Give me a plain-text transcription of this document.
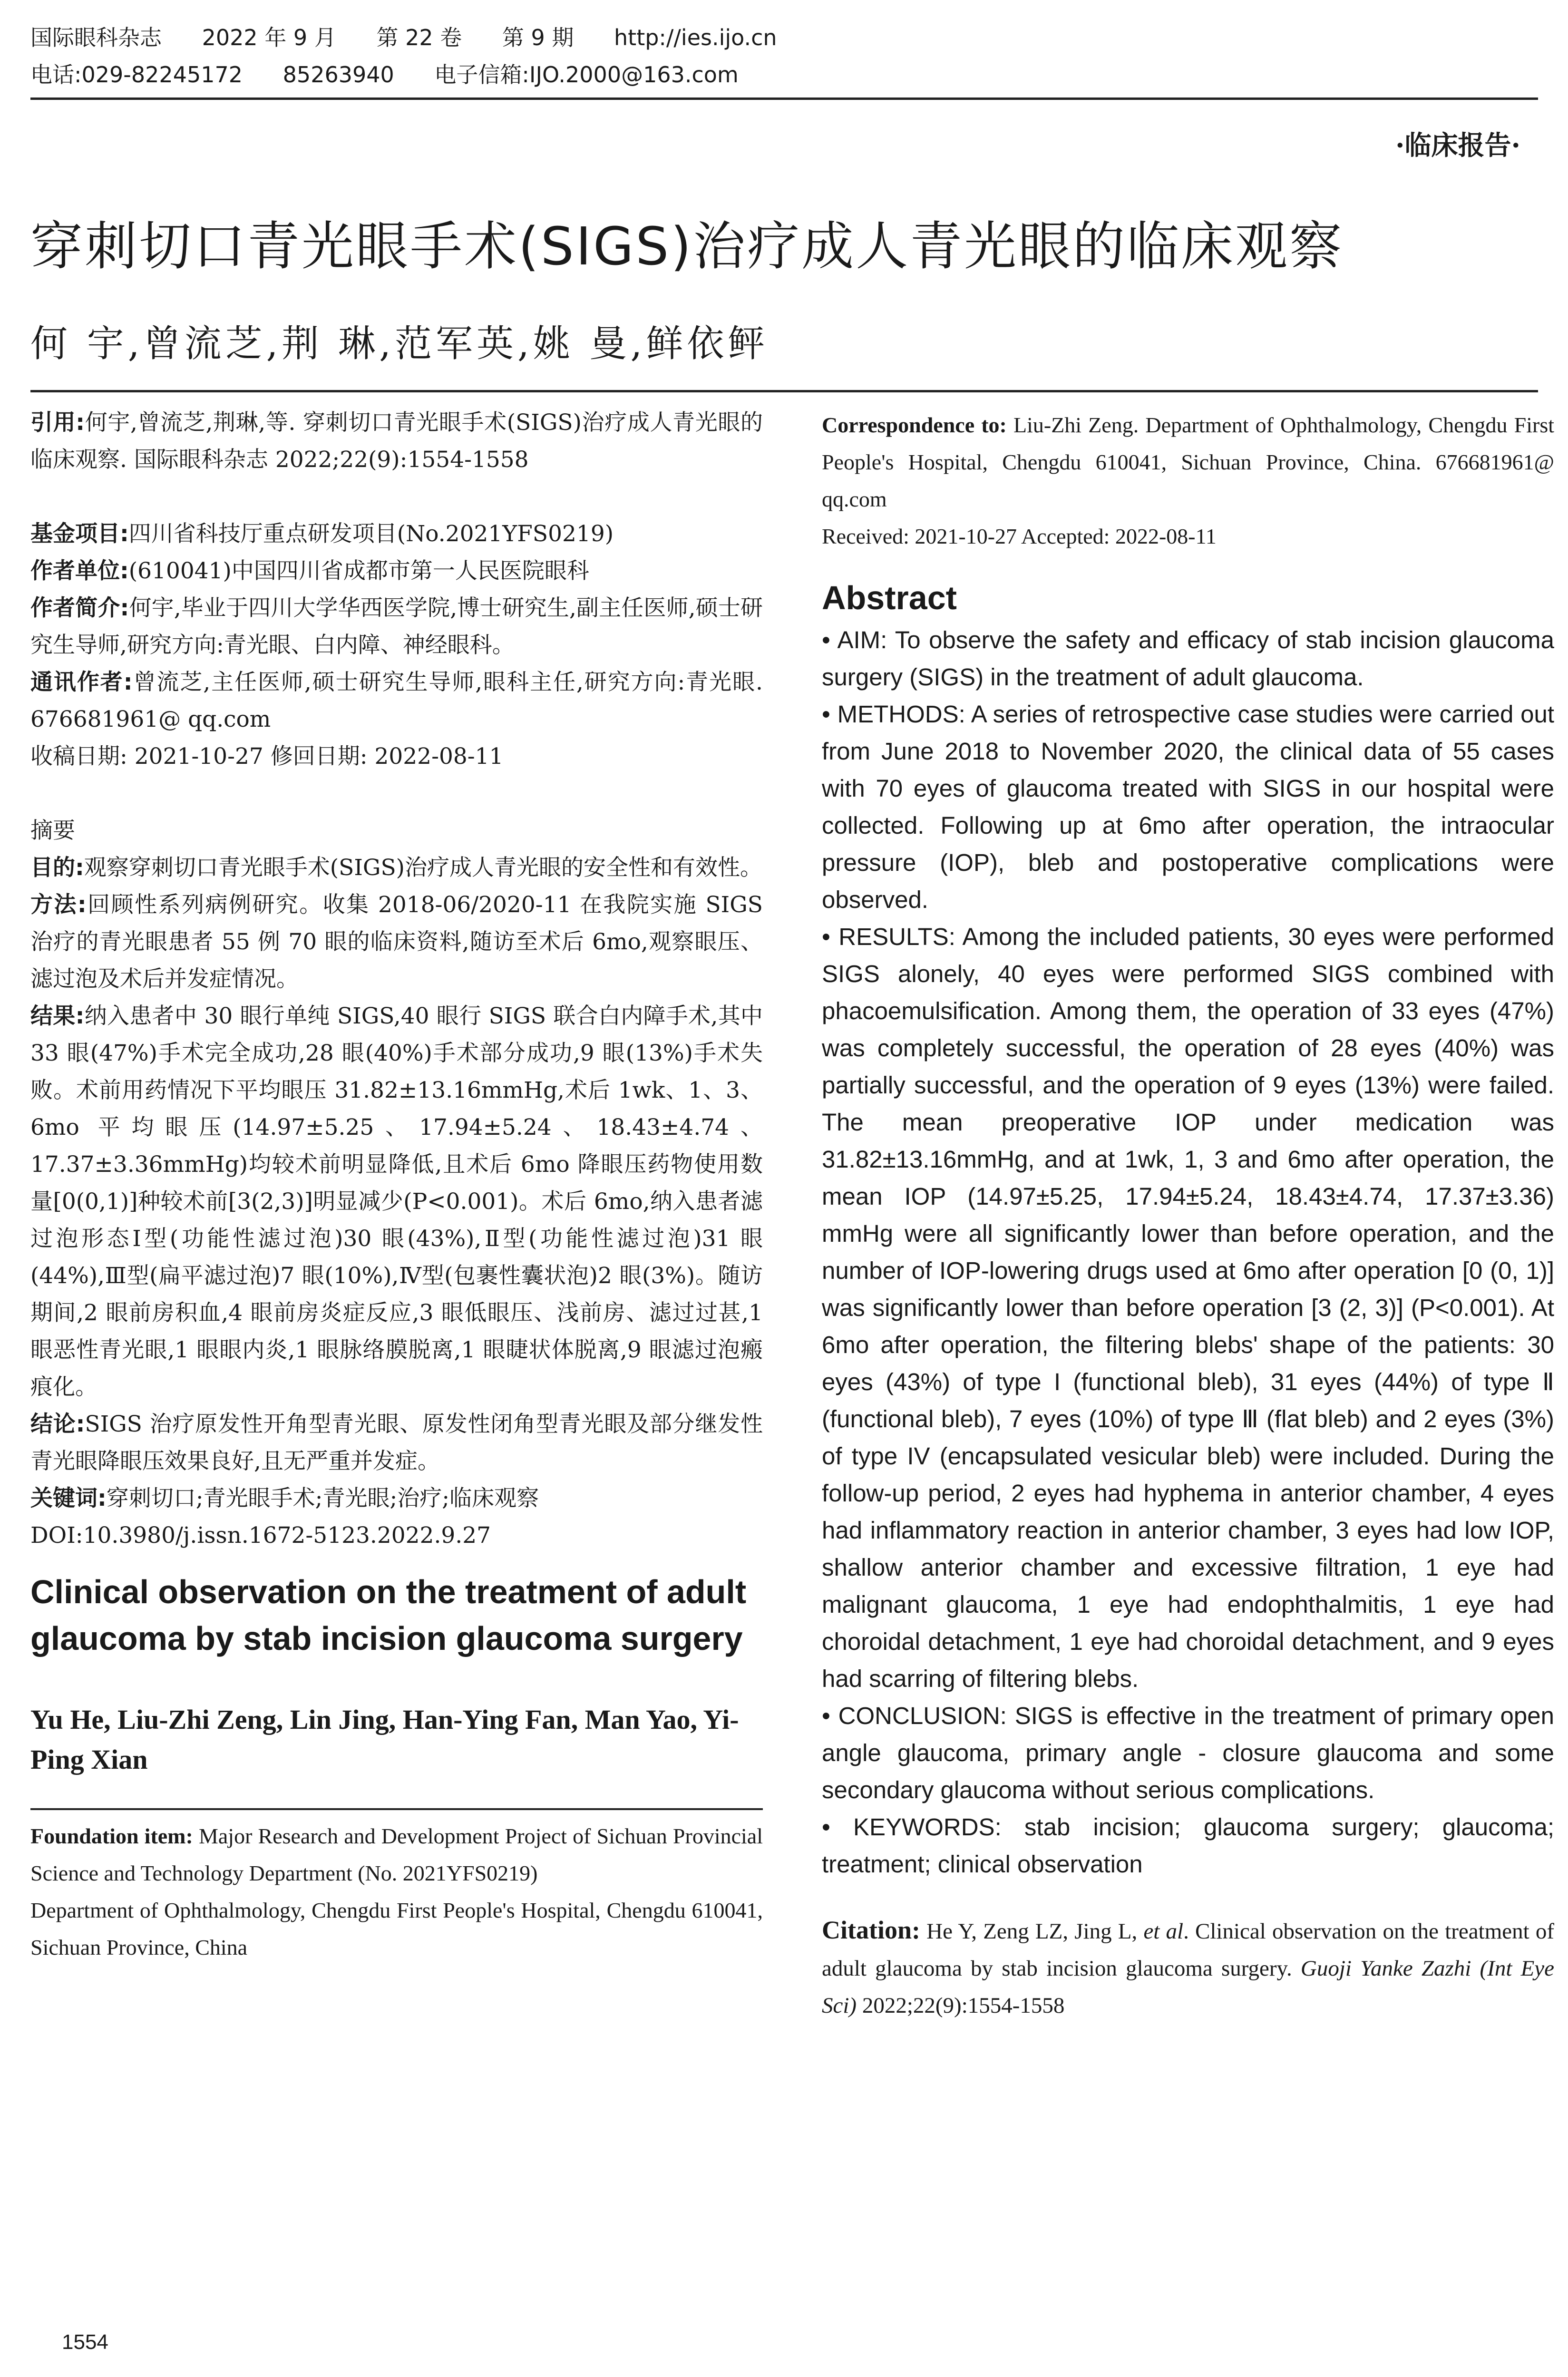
国际眼科杂志 2022 年 9 月 第 22 卷 第 9 期 http://ies.ijo.cn
电话:029-82245172 85263940 电子信箱:IJO.2000@163.com
·临床报告·
穿刺切口青光眼手术(SIGS)治疗成人青光眼的临床观察
何 宇,曾流芝,荆 琳,范军英,姚 曼,鲜依鲆
引用:何宇,曾流芝,荆琳,等. 穿刺切口青光眼手术(SIGS)治疗成人青光眼的临床观察. 国际眼科杂志 2022;22(9):1554-1558
基金项目:四川省科技厅重点研发项目(No.2021YFS0219)
作者单位:(610041)中国四川省成都市第一人民医院眼科
作者简介:何宇,毕业于四川大学华西医学院,博士研究生,副主任医师,硕士研究生导师,研究方向:青光眼、白内障、神经眼科。
通讯作者:曾流芝,主任医师,硕士研究生导师,眼科主任,研究方向:青光眼. 676681961@ qq.com
收稿日期: 2021-10-27 修回日期: 2022-08-11
摘要
目的:观察穿刺切口青光眼手术(SIGS)治疗成人青光眼的安全性和有效性。
方法:回顾性系列病例研究。收集 2018-06/2020-11 在我院实施 SIGS 治疗的青光眼患者 55 例 70 眼的临床资料,随访至术后 6mo,观察眼压、滤过泡及术后并发症情况。
结果:纳入患者中 30 眼行单纯 SIGS,40 眼行 SIGS 联合白内障手术,其中 33 眼(47%)手术完全成功,28 眼(40%)手术部分成功,9 眼(13%)手术失败。术前用药情况下平均眼压 31.82±13.16mmHg,术后 1wk、1、3、6mo 平均眼压(14.97±5.25、17.94±5.24、18.43±4.74、17.37±3.36mmHg)均较术前明显降低,且术后 6mo 降眼压药物使用数量[0(0,1)]种较术前[3(2,3)]明显减少(P<0.001)。术后 6mo,纳入患者滤过泡形态Ⅰ型(功能性滤过泡)30 眼(43%),Ⅱ型(功能性滤过泡)31 眼(44%),Ⅲ型(扁平滤过泡)7 眼(10%),Ⅳ型(包裹性囊状泡)2 眼(3%)。随访期间,2 眼前房积血,4 眼前房炎症反应,3 眼低眼压、浅前房、滤过过甚,1 眼恶性青光眼,1 眼眼内炎,1 眼脉络膜脱离,1 眼睫状体脱离,9 眼滤过泡瘢痕化。
结论:SIGS 治疗原发性开角型青光眼、原发性闭角型青光眼及部分继发性青光眼降眼压效果良好,且无严重并发症。
关键词:穿刺切口;青光眼手术;青光眼;治疗;临床观察
DOI:10.3980/j.issn.1672-5123.2022.9.27
Clinical observation on the treatment of adult glaucoma by stab incision glaucoma surgery
Yu He, Liu-Zhi Zeng, Lin Jing, Han-Ying Fan, Man Yao, Yi-Ping Xian
Foundation item: Major Research and Development Project of Sichuan Provincial Science and Technology Department (No. 2021YFS0219)
Department of Ophthalmology, Chengdu First People's Hospital, Chengdu 610041, Sichuan Province, China
Correspondence to: Liu-Zhi Zeng. Department of Ophthalmology, Chengdu First People's Hospital, Chengdu 610041, Sichuan Province, China. 676681961@ qq.com
Received: 2021-10-27 Accepted: 2022-08-11
Abstract
• AIM: To observe the safety and efficacy of stab incision glaucoma surgery (SIGS) in the treatment of adult glaucoma.
• METHODS: A series of retrospective case studies were carried out from June 2018 to November 2020, the clinical data of 55 cases with 70 eyes of glaucoma treated with SIGS in our hospital were collected. Following up at 6mo after operation, the intraocular pressure (IOP), bleb and postoperative complications were observed.
• RESULTS: Among the included patients, 30 eyes were performed SIGS alonely, 40 eyes were performed SIGS combined with phacoemulsification. Among them, the operation of 33 eyes (47%) was completely successful, the operation of 28 eyes (40%) was partially successful, and the operation of 9 eyes (13%) were failed. The mean preoperative IOP under medication was 31.82±13.16mmHg, and at 1wk, 1, 3 and 6mo after operation, the mean IOP (14.97±5.25, 17.94±5.24, 18.43±4.74, 17.37±3.36) mmHg were all significantly lower than before operation, and the number of IOP-lowering drugs used at 6mo after operation [0 (0, 1)] was significantly lower than before operation [3 (2, 3)] (P<0.001). At 6mo after operation, the filtering blebs' shape of the patients: 30 eyes (43%) of type I (functional bleb), 31 eyes (44%) of type Ⅱ (functional bleb), 7 eyes (10%) of type Ⅲ (flat bleb) and 2 eyes (3%) of type IV (encapsulated vesicular bleb) were included. During the follow-up period, 2 eyes had hyphema in anterior chamber, 4 eyes had inflammatory reaction in anterior chamber, 3 eyes had low IOP, shallow anterior chamber and excessive filtration, 1 eye had malignant glaucoma, 1 eye had endophthalmitis, 1 eye had choroidal detachment, 1 eye had choroidal detachment, and 9 eyes had scarring of filtering blebs.
• CONCLUSION: SIGS is effective in the treatment of primary open angle glaucoma, primary angle - closure glaucoma and some secondary glaucoma without serious complications.
• KEYWORDS: stab incision; glaucoma surgery; glaucoma; treatment; clinical observation
Citation: He Y, Zeng LZ, Jing L, et al. Clinical observation on the treatment of adult glaucoma by stab incision glaucoma surgery. Guoji Yanke Zazhi (Int Eye Sci) 2022;22(9):1554-1558
1554
